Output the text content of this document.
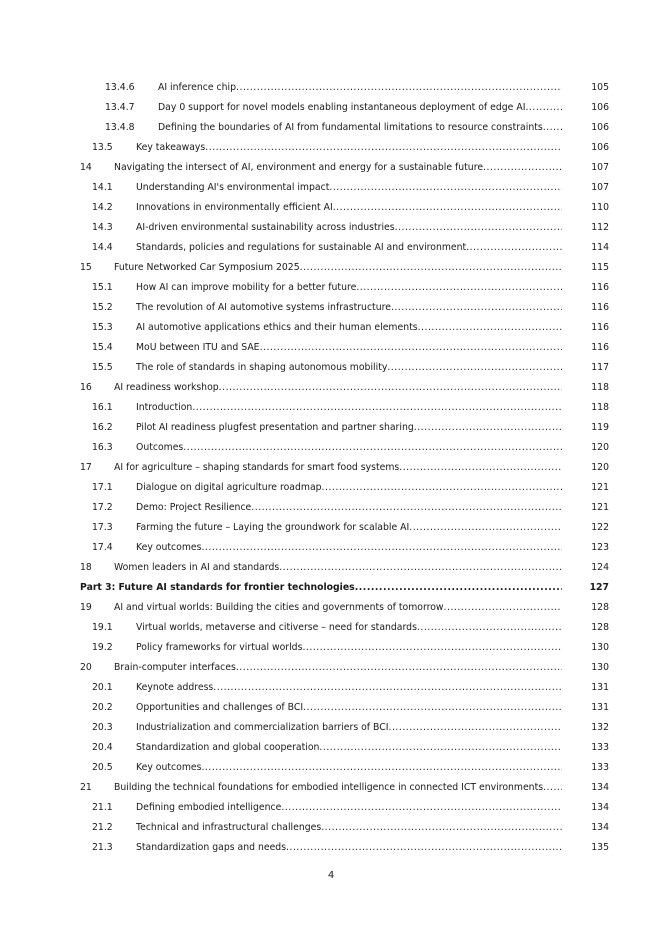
13.4.6	AI inference chip .....	105
13.4.7	Day 0 support for novel models enabling instantaneous deployment of edge AI .....	106
13.4.8	Defining the boundaries of AI from fundamental limitations to resource constraints .....	106
13.5	Key takeaways .....	106
14 Navigating the intersect of AI, environment and energy for a sustainable future .....	107
14.1	Understanding AI's environmental impact .....	107
14.2	Innovations in environmentally efficient AI .....	110
14.3	AI-driven environmental sustainability across industries .....	112
14.4	Standards, policies and regulations for sustainable AI and environment .....	114
15 Future Networked Car Symposium 2025 .....	115
15.1	How AI can improve mobility for a better future .....	116
15.2	The revolution of AI automotive systems infrastructure .....	116
15.3	AI automotive applications ethics and their human elements .....	116
15.4	MoU between ITU and SAE .....	116
15.5	The role of standards in shaping autonomous mobility .....	117
16 AI readiness workshop .....	118
16.1	Introduction .....	118
16.2	Pilot AI readiness plugfest presentation and partner sharing .....	119
16.3	Outcomes .....	120
17 AI for agriculture – shaping standards for smart food systems .....	120
17.1	Dialogue on digital agriculture roadmap .....	121
17.2	Demo: Project Resilience .....	121
17.3	Farming the future – Laying the groundwork for scalable AI .....	122
17.4	Key outcomes .....	123
18 Women leaders in AI and standards .....	124
Part 3: Future AI standards for frontier technologies .....	127
19 AI and virtual worlds: Building the cities and governments of tomorrow .....	128
19.1	Virtual worlds, metaverse and citiverse – need for standards .....	128
19.2	Policy frameworks for virtual worlds .....	130
20 Brain-computer interfaces .....	130
20.1	Keynote address .....	131
20.2	Opportunities and challenges of BCI .....	131
20.3	Industrialization and commercialization barriers of BCI .....	132
20.4	Standardization and global cooperation .....	133
20.5	Key outcomes .....	133
21 Building the technical foundations for embodied intelligence in connected ICT environments .....	134
21.1	Defining embodied intelligence .....	134
21.2	Technical and infrastructural challenges .....	134
21.3	Standardization gaps and needs .....	135
4
